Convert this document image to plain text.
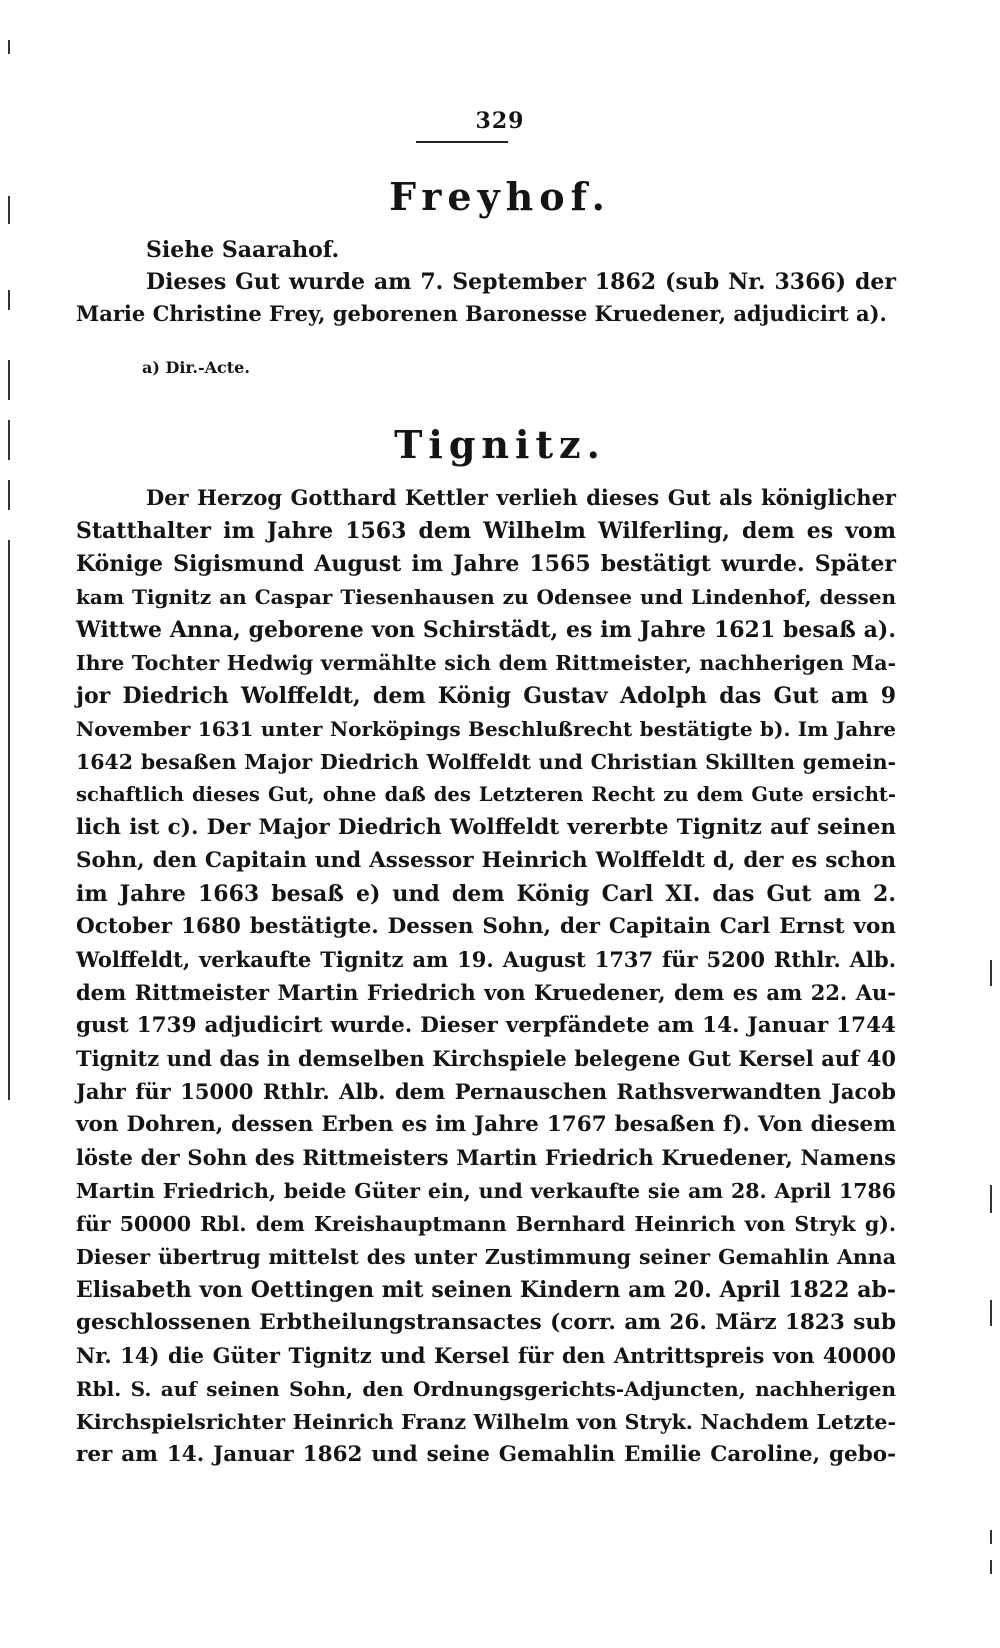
329
Freyhof.
Siehe Saarahof.
Dieses Gut wurde am 7. September 1862 (sub Nr. 3366) der
Marie Christine Frey, geborenen Baronesse Kruedener, adjudicirt a).
a) Dir.-Acte.
Tignitz.
Der Herzog Gotthard Kettler verlieh dieses Gut als königlicher
Statthalter im Jahre 1563 dem Wilhelm Wilferling, dem es vom
Könige Sigismund August im Jahre 1565 bestätigt wurde. Später
kam Tignitz an Caspar Tiesenhausen zu Odensee und Lindenhof, dessen
Wittwe Anna, geborene von Schirstädt, es im Jahre 1621 besaß a).
Ihre Tochter Hedwig vermählte sich dem Rittmeister, nachherigen Ma-
jor Diedrich Wolffeldt, dem König Gustav Adolph das Gut am 9
November 1631 unter Norköpings Beschlußrecht bestätigte b). Im Jahre
1642 besaßen Major Diedrich Wolffeldt und Christian Skillten gemein-
schaftlich dieses Gut, ohne daß des Letzteren Recht zu dem Gute ersicht-
lich ist c). Der Major Diedrich Wolffeldt vererbte Tignitz auf seinen
Sohn, den Capitain und Assessor Heinrich Wolffeldt d, der es schon
im Jahre 1663 besaß e) und dem König Carl XI. das Gut am 2.
October 1680 bestätigte. Dessen Sohn, der Capitain Carl Ernst von
Wolffeldt, verkaufte Tignitz am 19. August 1737 für 5200 Rthlr. Alb.
dem Rittmeister Martin Friedrich von Kruedener, dem es am 22. Au-
gust 1739 adjudicirt wurde. Dieser verpfändete am 14. Januar 1744
Tignitz und das in demselben Kirchspiele belegene Gut Kersel auf 40
Jahr für 15000 Rthlr. Alb. dem Pernauschen Rathsverwandten Jacob
von Dohren, dessen Erben es im Jahre 1767 besaßen f). Von diesem
löste der Sohn des Rittmeisters Martin Friedrich Kruedener, Namens
Martin Friedrich, beide Güter ein, und verkaufte sie am 28. April 1786
für 50000 Rbl. dem Kreishauptmann Bernhard Heinrich von Stryk g).
Dieser übertrug mittelst des unter Zustimmung seiner Gemahlin Anna
Elisabeth von Oettingen mit seinen Kindern am 20. April 1822 ab-
geschlossenen Erbtheilungstransactes (corr. am 26. März 1823 sub
Nr. 14) die Güter Tignitz und Kersel für den Antrittspreis von 40000
Rbl. S. auf seinen Sohn, den Ordnungsgerichts-Adjuncten, nachherigen
Kirchspielsrichter Heinrich Franz Wilhelm von Stryk. Nachdem Letzte-
rer am 14. Januar 1862 und seine Gemahlin Emilie Caroline, gebo-
